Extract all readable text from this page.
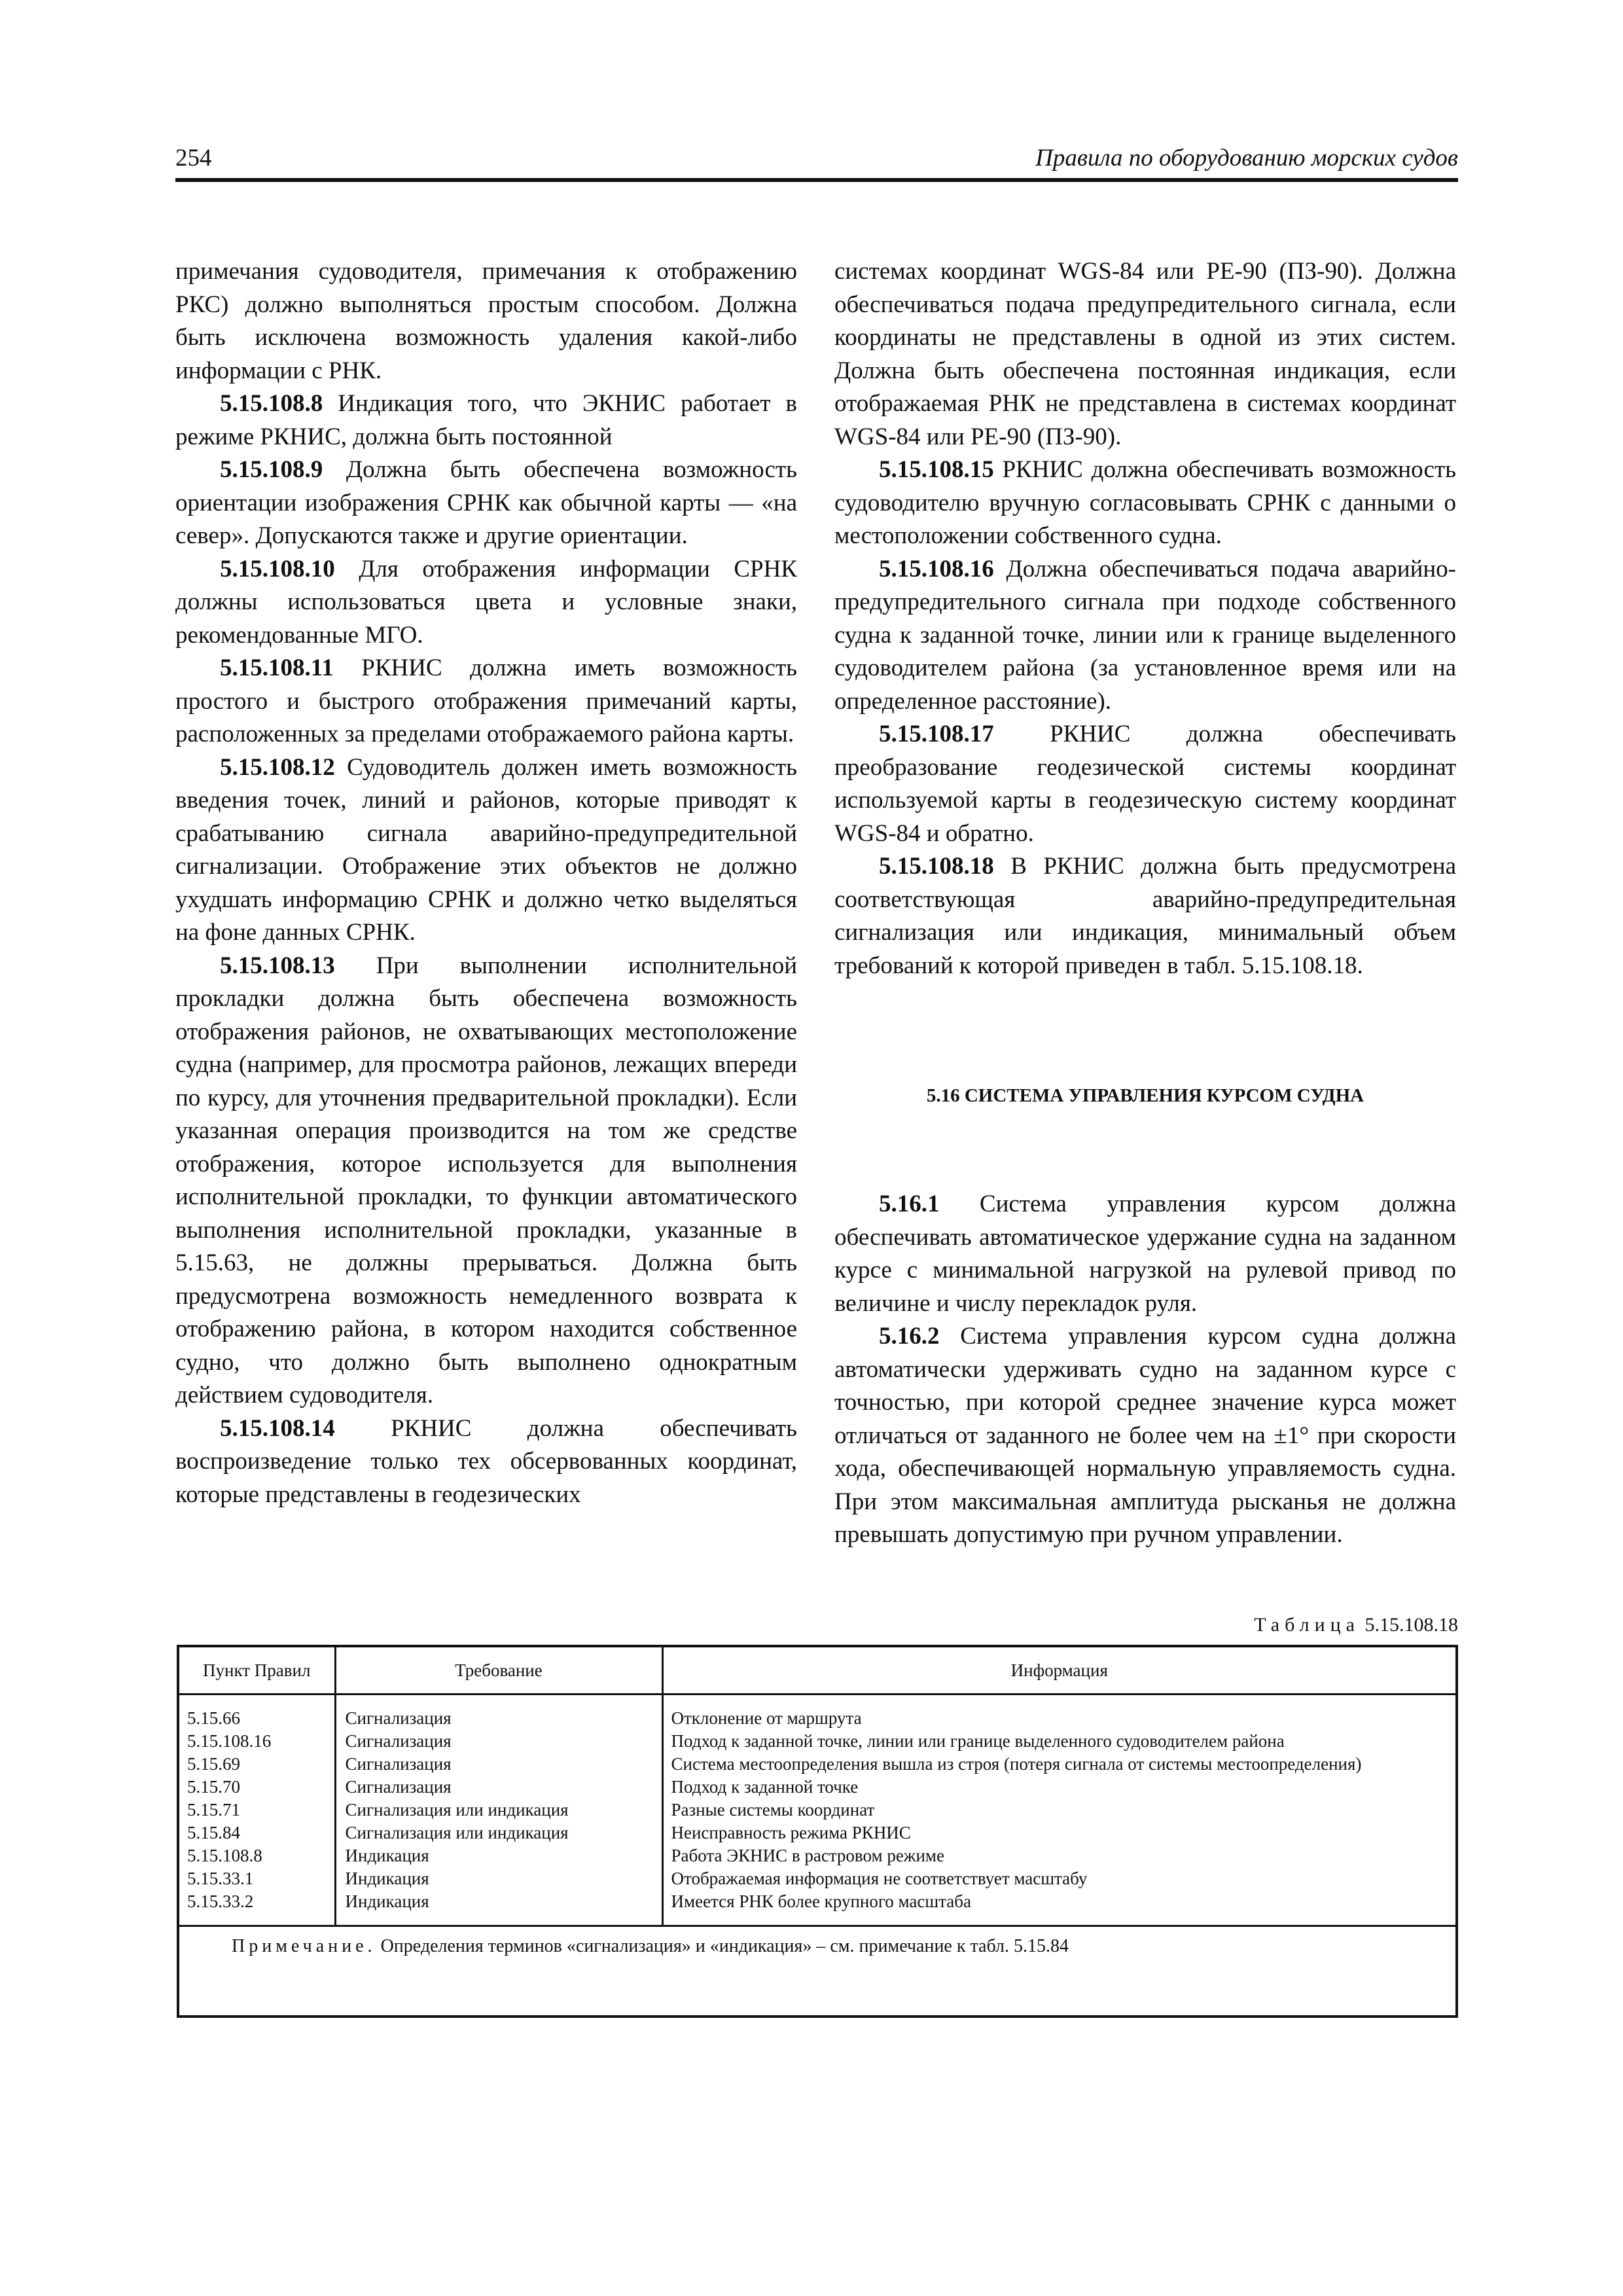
254	Правила по оборудованию морских судов

примечания судоводителя, примечания к отображению РКС) должно выполняться простым способом. Должна быть исключена возможность удаления какой-либо информации с РНК.

5.15.108.8 Индикация того, что ЭКНИС работает в режиме РКНИС, должна быть постоянной

5.15.108.9 Должна быть обеспечена возможность ориентации изображения СРНК как обычной карты — «на север». Допускаются также и другие ориентации.

5.15.108.10 Для отображения информации СРНК должны использоваться цвета и условные знаки, рекомендованные МГО.

5.15.108.11 РКНИС должна иметь возможность простого и быстрого отображения примечаний карты, расположенных за пределами отображаемого района карты.

5.15.108.12 Судоводитель должен иметь возможность введения точек, линий и районов, которые приводят к срабатыванию сигнала аварийно-предупредительной сигнализации. Отображение этих объектов не должно ухудшать информацию СРНК и должно четко выделяться на фоне данных СРНК.

5.15.108.13 При выполнении исполнительной прокладки должна быть обеспечена возможность отображения районов, не охватывающих местоположение судна (например, для просмотра районов, лежащих впереди по курсу, для уточнения предварительной прокладки). Если указанная операция производится на том же средстве отображения, которое используется для выполнения исполнительной прокладки, то функции автоматического выполнения исполнительной прокладки, указанные в 5.15.63, не должны прерываться. Должна быть предусмотрена возможность немедленного возврата к отображению района, в котором находится собственное судно, что должно быть выполнено однократным действием судоводителя.

5.15.108.14 РКНИС должна обеспечивать воспроизведение только тех обсервованных координат, которые представлены в геодезических

системах координат WGS-84 или PE-90 (ПЗ-90). Должна обеспечиваться подача предупредительного сигнала, если координаты не представлены в одной из этих систем. Должна быть обеспечена постоянная индикация, если отображаемая РНК не представлена в системах координат WGS-84 или PE-90 (ПЗ-90).

5.15.108.15 РКНИС должна обеспечивать возможность судоводителю вручную согласовывать СРНК с данными о местоположении собственного судна.

5.15.108.16 Должна обеспечиваться подача аварийно-предупредительного сигнала при подходе собственного судна к заданной точке, линии или к границе выделенного судоводителем района (за установленное время или на определенное расстояние).

5.15.108.17 РКНИС должна обеспечивать преобразование геодезической системы координат используемой карты в геодезическую систему координат WGS-84 и обратно.

5.15.108.18 В РКНИС должна быть предусмотрена соответствующая аварийно-предупредительная сигнализация или индикация, минимальный объем требований к которой приведен в табл. 5.15.108.18.

5.16 СИСТЕМА УПРАВЛЕНИЯ КУРСОМ СУДНА

5.16.1 Система управления курсом должна обеспечивать автоматическое удержание судна на заданном курсе с минимальной нагрузкой на рулевой привод по величине и числу перекладок руля.

5.16.2 Система управления курсом судна должна автоматически удерживать судно на заданном курсе с точностью, при которой среднее значение курса может отличаться от заданного не более чем на ±1° при скорости хода, обеспечивающей нормальную управляемость судна. При этом максимальная амплитуда рысканья не должна превышать допустимую при ручном управлении.

Таблица 5.15.108.18
Пункт Правил	Требование	Информация
5.15.66	Сигнализация	Отклонение от маршрута
5.15.108.16	Сигнализация	Подход к заданной точке, линии или границе выделенного судоводителем района
5.15.69	Сигнализация	Система местоопределения вышла из строя (потеря сигнала от системы местоопределения)
5.15.70	Сигнализация	Подход к заданной точке
5.15.71	Сигнализация или индикация	Разные системы координат
5.15.84	Сигнализация или индикация	Неисправность режима РКНИС
5.15.108.8	Индикация	Работа ЭКНИС в растровом режиме
5.15.33.1	Индикация	Отображаемая информация не соответствует масштабу
5.15.33.2	Индикация	Имеется РНК более крупного масштаба
Примечание. Определения терминов «сигнализация» и «индикация» – см. примечание к табл. 5.15.84		
